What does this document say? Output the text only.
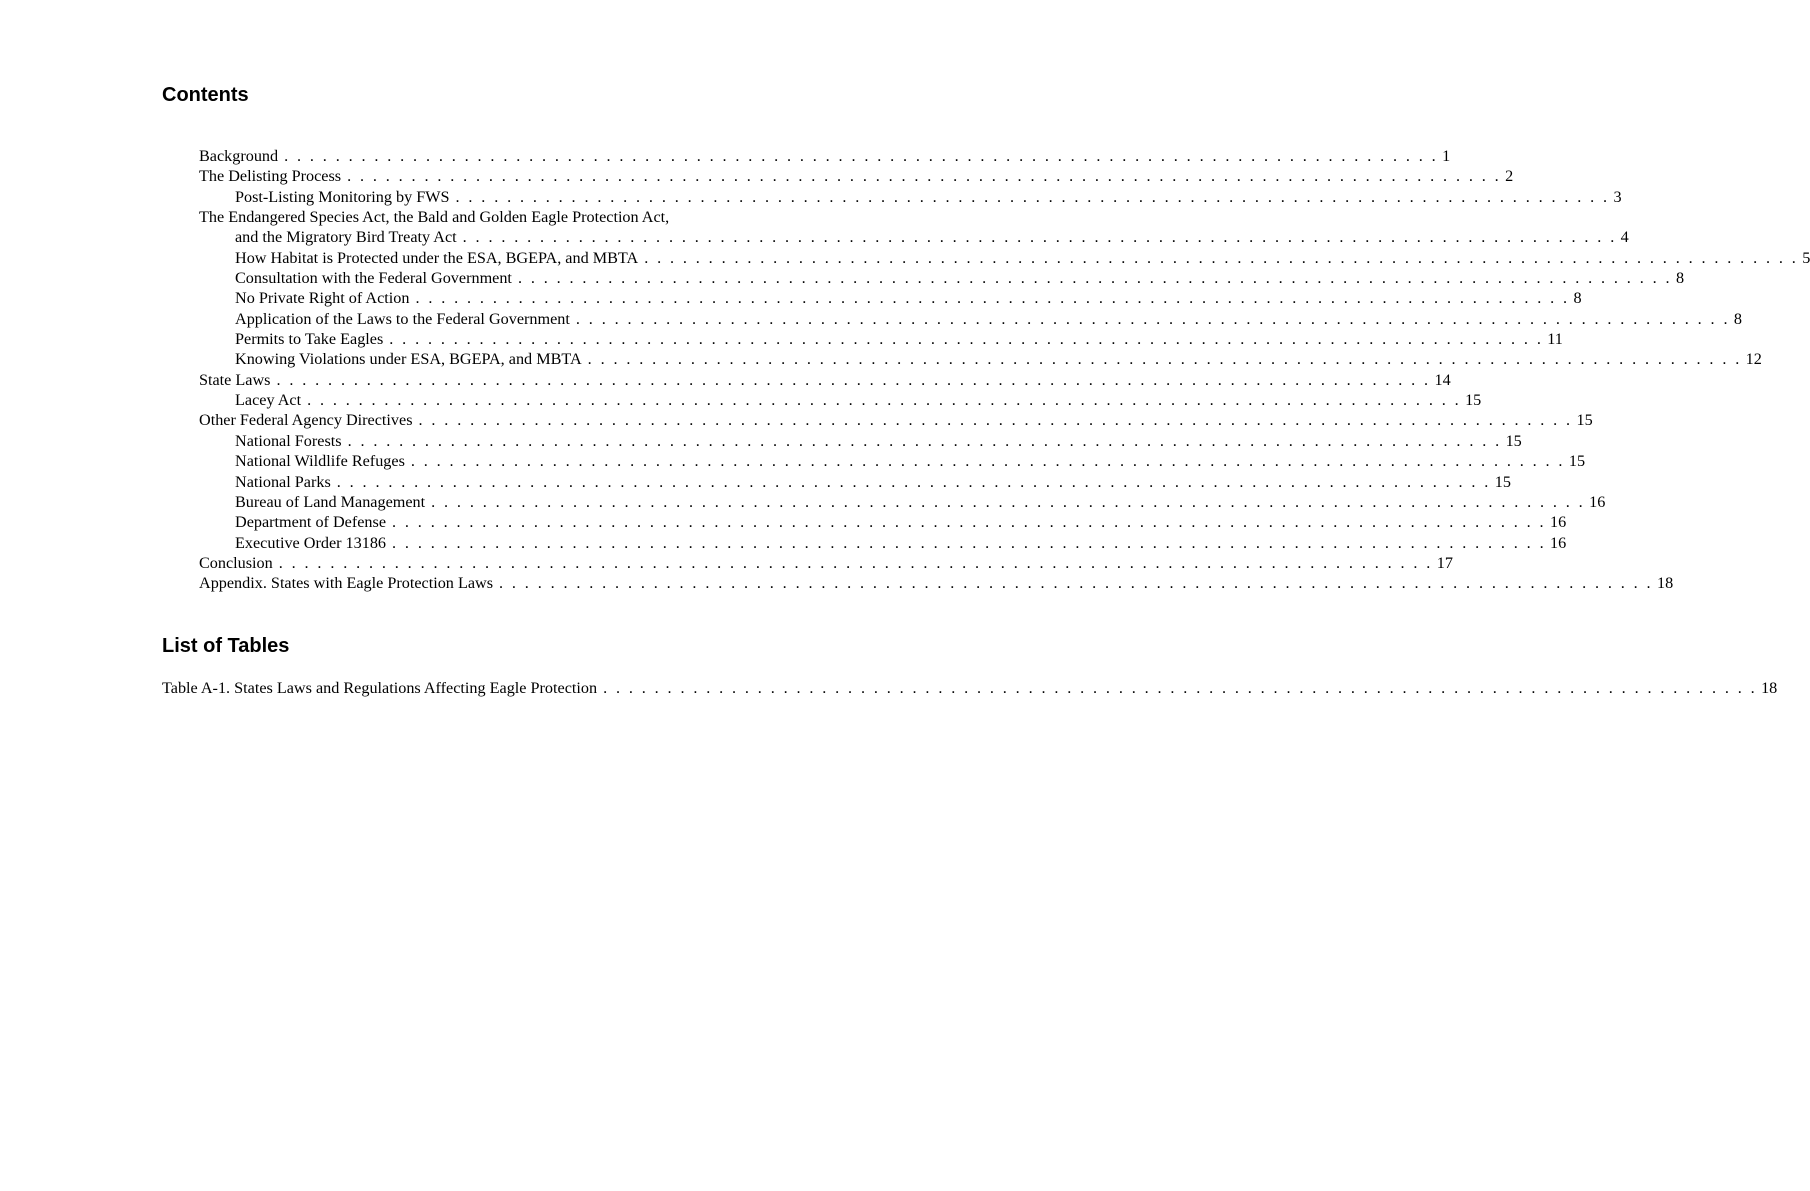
Contents
Background . . . . . . . . . . . . . . . . . . . . . . . . . . . . . . . . . . . . . . . . . . . . . . . . . . . . . . . . . . . . . . . . . . . . . . . . . . . . . . . . . . . . . . . . . . 1
The Delisting Process . . . . . . . . . . . . . . . . . . . . . . . . . . . . . . . . . . . . . . . . . . . . . . . . . . . . . . . . . . . . . . . . . . . . . . . . . . . . . . . . . . . . . . . . . . 2
Post-Listing Monitoring by FWS . . . . . . . . . . . . . . . . . . . . . . . . . . . . . . . . . . . . . . . . . . . . . . . . . . . . . . . . . . . . . . . . . . . . . . . . . . . . . . . . . . . . . . . . . . 3
The Endangered Species Act, the Bald and Golden Eagle Protection Act,
and the Migratory Bird Treaty Act . . . . . . . . . . . . . . . . . . . . . . . . . . . . . . . . . . . . . . . . . . . . . . . . . . . . . . . . . . . . . . . . . . . . . . . . . . . . . . . . . . . . . . . . . . 4
How Habitat is Protected under the ESA, BGEPA, and MBTA . . . . . . . . . . . . . . . . . . . . . . . . . . . . . . . . . . . . . . . . . . . . . . . . . . . . . . . . . . . . . . . . . . . . . . . . . . . . . . . . . . . . . . . . . . 5
Consultation with the Federal Government . . . . . . . . . . . . . . . . . . . . . . . . . . . . . . . . . . . . . . . . . . . . . . . . . . . . . . . . . . . . . . . . . . . . . . . . . . . . . . . . . . . . . . . . . . 8
No Private Right of Action . . . . . . . . . . . . . . . . . . . . . . . . . . . . . . . . . . . . . . . . . . . . . . . . . . . . . . . . . . . . . . . . . . . . . . . . . . . . . . . . . . . . . . . . . . 8
Application of the Laws to the Federal Government . . . . . . . . . . . . . . . . . . . . . . . . . . . . . . . . . . . . . . . . . . . . . . . . . . . . . . . . . . . . . . . . . . . . . . . . . . . . . . . . . . . . . . . . . . 8
Permits to Take Eagles . . . . . . . . . . . . . . . . . . . . . . . . . . . . . . . . . . . . . . . . . . . . . . . . . . . . . . . . . . . . . . . . . . . . . . . . . . . . . . . . . . . . . . . . . . 11
Knowing Violations under ESA, BGEPA, and MBTA . . . . . . . . . . . . . . . . . . . . . . . . . . . . . . . . . . . . . . . . . . . . . . . . . . . . . . . . . . . . . . . . . . . . . . . . . . . . . . . . . . . . . . . . . . 12
State Laws . . . . . . . . . . . . . . . . . . . . . . . . . . . . . . . . . . . . . . . . . . . . . . . . . . . . . . . . . . . . . . . . . . . . . . . . . . . . . . . . . . . . . . . . . . 14
Lacey Act . . . . . . . . . . . . . . . . . . . . . . . . . . . . . . . . . . . . . . . . . . . . . . . . . . . . . . . . . . . . . . . . . . . . . . . . . . . . . . . . . . . . . . . . . . 15
Other Federal Agency Directives . . . . . . . . . . . . . . . . . . . . . . . . . . . . . . . . . . . . . . . . . . . . . . . . . . . . . . . . . . . . . . . . . . . . . . . . . . . . . . . . . . . . . . . . . . 15
National Forests . . . . . . . . . . . . . . . . . . . . . . . . . . . . . . . . . . . . . . . . . . . . . . . . . . . . . . . . . . . . . . . . . . . . . . . . . . . . . . . . . . . . . . . . . . 15
National Wildlife Refuges . . . . . . . . . . . . . . . . . . . . . . . . . . . . . . . . . . . . . . . . . . . . . . . . . . . . . . . . . . . . . . . . . . . . . . . . . . . . . . . . . . . . . . . . . . 15
National Parks . . . . . . . . . . . . . . . . . . . . . . . . . . . . . . . . . . . . . . . . . . . . . . . . . . . . . . . . . . . . . . . . . . . . . . . . . . . . . . . . . . . . . . . . . . 15
Bureau of Land Management . . . . . . . . . . . . . . . . . . . . . . . . . . . . . . . . . . . . . . . . . . . . . . . . . . . . . . . . . . . . . . . . . . . . . . . . . . . . . . . . . . . . . . . . . . 16
Department of Defense . . . . . . . . . . . . . . . . . . . . . . . . . . . . . . . . . . . . . . . . . . . . . . . . . . . . . . . . . . . . . . . . . . . . . . . . . . . . . . . . . . . . . . . . . . 16
Executive Order 13186 . . . . . . . . . . . . . . . . . . . . . . . . . . . . . . . . . . . . . . . . . . . . . . . . . . . . . . . . . . . . . . . . . . . . . . . . . . . . . . . . . . . . . . . . . . 16
Conclusion . . . . . . . . . . . . . . . . . . . . . . . . . . . . . . . . . . . . . . . . . . . . . . . . . . . . . . . . . . . . . . . . . . . . . . . . . . . . . . . . . . . . . . . . . . 17
Appendix. States with Eagle Protection Laws . . . . . . . . . . . . . . . . . . . . . . . . . . . . . . . . . . . . . . . . . . . . . . . . . . . . . . . . . . . . . . . . . . . . . . . . . . . . . . . . . . . . . . . . . . 18
List of Tables
Table A-1. States Laws and Regulations Affecting Eagle Protection . . . . . . . . . . . . . . . . . . . . . . . . . . . . . . . . . . . . . . . . . . . . . . . . . . . . . . . . . . . . . . . . . . . . . . . . . . . . . . . . . . . . . . . . . . 18
